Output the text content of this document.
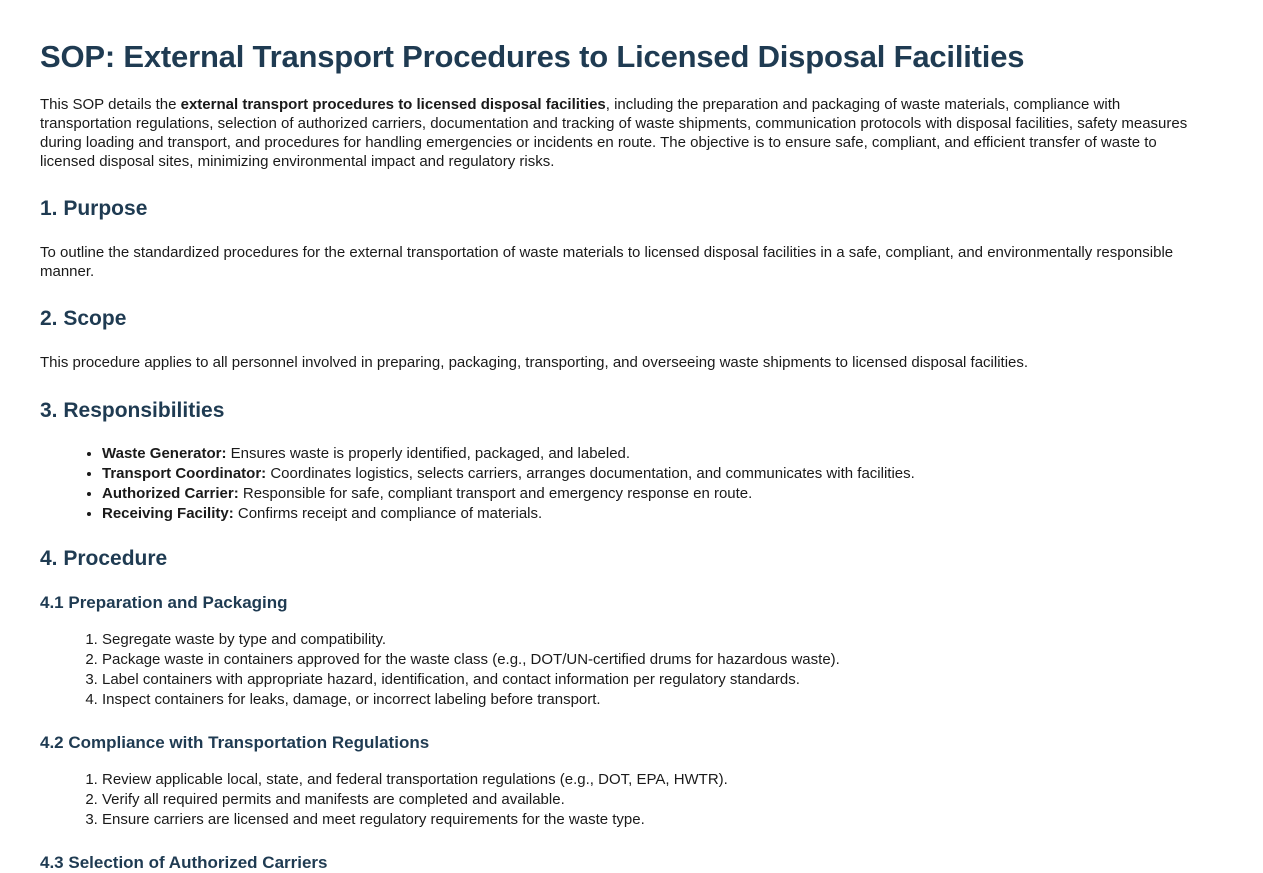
SOP: External Transport Procedures to Licensed Disposal Facilities

This SOP details the external transport procedures to licensed disposal facilities, including the preparation and packaging of waste materials, compliance with transportation regulations, selection of authorized carriers, documentation and tracking of waste shipments, communication protocols with disposal facilities, safety measures during loading and transport, and procedures for handling emergencies or incidents en route. The objective is to ensure safe, compliant, and efficient transfer of waste to licensed disposal sites, minimizing environmental impact and regulatory risks.

1. Purpose

To outline the standardized procedures for the external transportation of waste materials to licensed disposal facilities in a safe, compliant, and environmentally responsible manner.

2. Scope

This procedure applies to all personnel involved in preparing, packaging, transporting, and overseeing waste shipments to licensed disposal facilities.

3. Responsibilities
• Waste Generator: Ensures waste is properly identified, packaged, and labeled.
• Transport Coordinator: Coordinates logistics, selects carriers, arranges documentation, and communicates with facilities.
• Authorized Carrier: Responsible for safe, compliant transport and emergency response en route.
• Receiving Facility: Confirms receipt and compliance of materials.
4. Procedure
4.1 Preparation and Packaging
1. Segregate waste by type and compatibility.
2. Package waste in containers approved for the waste class (e.g., DOT/UN-certified drums for hazardous waste).
3. Label containers with appropriate hazard, identification, and contact information per regulatory standards.
4. Inspect containers for leaks, damage, or incorrect labeling before transport.
4.2 Compliance with Transportation Regulations
1. Review applicable local, state, and federal transportation regulations (e.g., DOT, EPA, HWTR).
2. Verify all required permits and manifests are completed and available.
3. Ensure carriers are licensed and meet regulatory requirements for the waste type.
4.3 Selection of Authorized Carriers
